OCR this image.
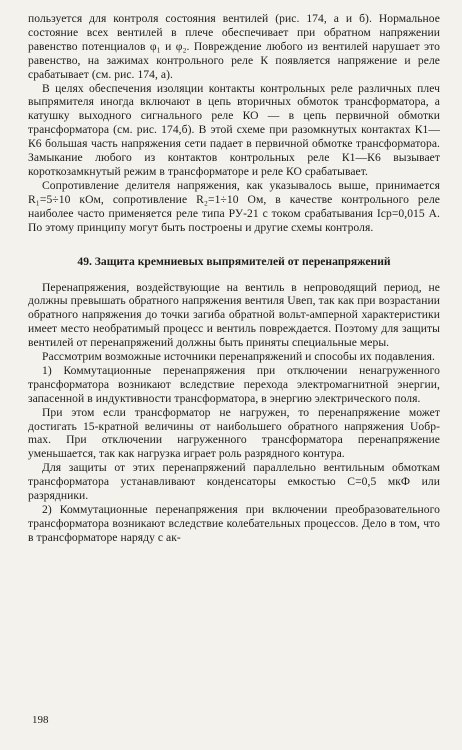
пользуется для контроля состояния вентилей (рис. 174, а и б). Нормальное состояние всех вентилей в плече обеспечивает при обратном напряжении равенство потенциалов φ₁ и φ₂. Повреждение любого из вентилей нарушает это равенство, на зажимах контрольного реле К появляется напряжение и реле срабатывает (см. рис. 174, а).

В целях обеспечения изоляции контакты контрольных реле различных плеч выпрямителя иногда включают в цепь вторичных обмоток трансформатора, а катушку выходного сигнального реле КО — в цепь первичной обмотки трансформатора (см. рис. 174,б). В этой схеме при разомкнутых контактах К1—К6 большая часть напряжения сети падает в первичной обмотке трансформатора. Замыкание любого из контактов контрольных реле К1—К6 вызывает короткозамкнутый режим в трансформаторе и реле КО срабатывает.

Сопротивление делителя напряжения, как указывалось выше, принимается R₁=5÷10 кОм, сопротивление R₂=1÷10 Ом, в качестве контрольного реле наиболее часто применяется реле типа РУ-21 с током срабатывания Iср=0,015 А. По этому принципу могут быть построены и другие схемы контроля.

49. Защита кремниевых выпрямителей от перенапряжений

Перенапряжения, воздействующие на вентиль в непроводящий период, не должны превышать обратного напряжения вентиля Uвеп, так как при возрастании обратного напряжения до точки загиба обратной вольт-амперной характеристики имеет место необратимый процесс и вентиль повреждается. Поэтому для защиты вентилей от перенапряжений должны быть приняты специальные меры.

Рассмотрим возможные источники перенапряжений и способы их подавления.

1) Коммутационные перенапряжения при отключении ненагруженного трансформатора возникают вследствие перехода электромагнитной энергии, запасенной в индуктивности трансформатора, в энергию электрического поля.

При этом если трансформатор не нагружен, то перенапряжение может достигать 15-кратной величины от наибольшего обратного напряжения Uобр-max. При отключении нагруженного трансформатора перенапряжение уменьшается, так как нагрузка играет роль разрядного контура.

Для защиты от этих перенапряжений параллельно вентильным обмоткам трансформатора устанавливают конденсаторы емкостью C=0,5 мкФ или разрядники.

2) Коммутационные перенапряжения при включении преобразовательного трансформатора возникают вследствие колебательных процессов. Дело в том, что в трансформаторе наряду с ак-

198
